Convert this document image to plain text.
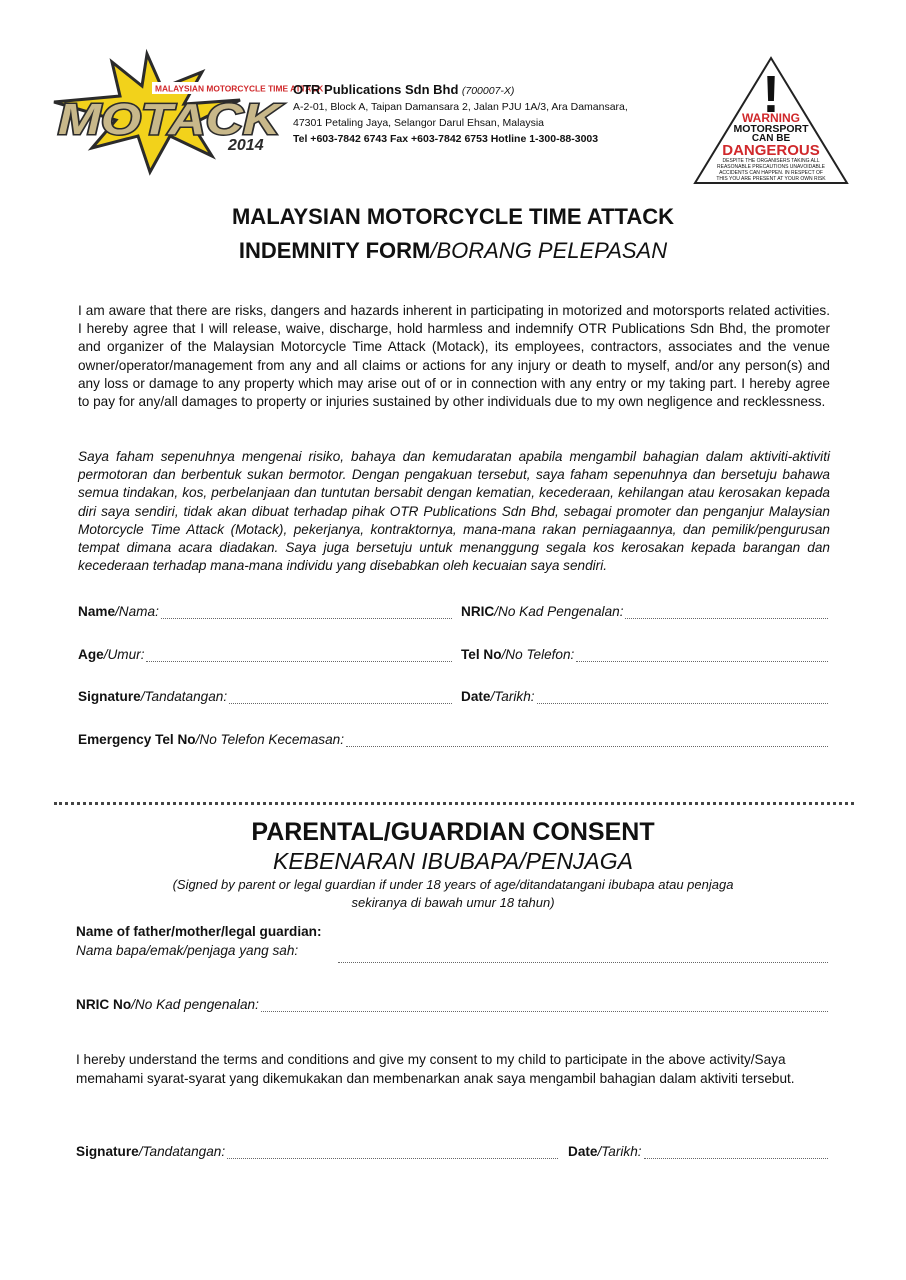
MALAYSIAN MOTORCYCLE TIME ATTACK
MOTACK
2014
OTR Publications Sdn Bhd (700007-X)
A-2-01, Block A, Taipan Damansara 2, Jalan PJU 1A/3, Ara Damansara,
47301 Petaling Jaya, Selangor Darul Ehsan, Malaysia
Tel +603-7842 6743 Fax +603-7842 6753 Hotline 1-300-88-3003
!
WARNING
MOTORSPORT
CAN BE
DANGEROUS
DESPITE THE ORGANISERS TAKING ALL
REASONABLE PRECAUTIONS UNAVOIDABLE
ACCIDENTS CAN HAPPEN. IN RESPECT OF
THIS YOU ARE PRESENT AT YOUR OWN RISK
MALAYSIAN MOTORCYCLE TIME ATTACK
INDEMNITY FORM/BORANG PELEPASAN
I am aware that there are risks, dangers and hazards inherent in participating in motorized and motorsports related activities. I hereby agree that I will release, waive, discharge, hold harmless and indemnify OTR Publications Sdn Bhd, the promoter and organizer of the Malaysian Motorcycle Time Attack (Motack), its employees, contractors, associates and the venue owner/operator/management from any and all claims or actions for any injury or death to myself, and/or any person(s) and any loss or damage to any property which may arise out of or in connection with any entry or my taking part. I hereby agree to pay for any/all damages to property or injuries sustained by other individuals due to my own negligence and recklessness.
Saya faham sepenuhnya mengenai risiko, bahaya dan kemudaratan apabila mengambil bahagian dalam aktiviti-aktiviti permotoran dan berbentuk sukan bermotor. Dengan pengakuan tersebut, saya faham sepenuhnya dan bersetuju bahawa semua tindakan, kos, perbelanjaan dan tuntutan bersabit dengan kematian, kecederaan, kehilangan atau kerosakan kepada diri saya sendiri, tidak akan dibuat terhadap pihak OTR Publications Sdn Bhd, sebagai promoter dan penganjur Malaysian Motorcycle Time Attack (Motack), pekerjanya, kontraktornya, mana-mana rakan perniagaannya, dan pemilik/pengurusan tempat dimana acara diadakan. Saya juga bersetuju untuk menanggung segala kos kerosakan kepada barangan dan kecederaan terhadap mana-mana individu yang disebabkan oleh kecuaian saya sendiri.
Name /Nama:	NRIC /No Kad Pengenalan:
Age /Umur:	Tel No /No Telefon:
Signature /Tandatangan:	Date /Tarikh:
Emergency Tel No /No Telefon Kecemasan:
PARENTAL/GUARDIAN CONSENT
KEBENARAN IBUBAPA/PENJAGA
(Signed by parent or legal guardian if under 18 years of age/ditandatangani ibubapa atau penjaga
sekiranya di bawah umur 18 tahun)
Name of father/mother/legal guardian:
Nama bapa/emak/penjaga yang sah:
NRIC No /No Kad pengenalan:
I hereby understand the terms and conditions and give my consent to my child to participate in the above activity/Saya memahami syarat-syarat yang dikemukakan dan membenarkan anak saya mengambil bahagian dalam aktiviti tersebut.
Signature /Tandatangan:	Date /Tarikh:
